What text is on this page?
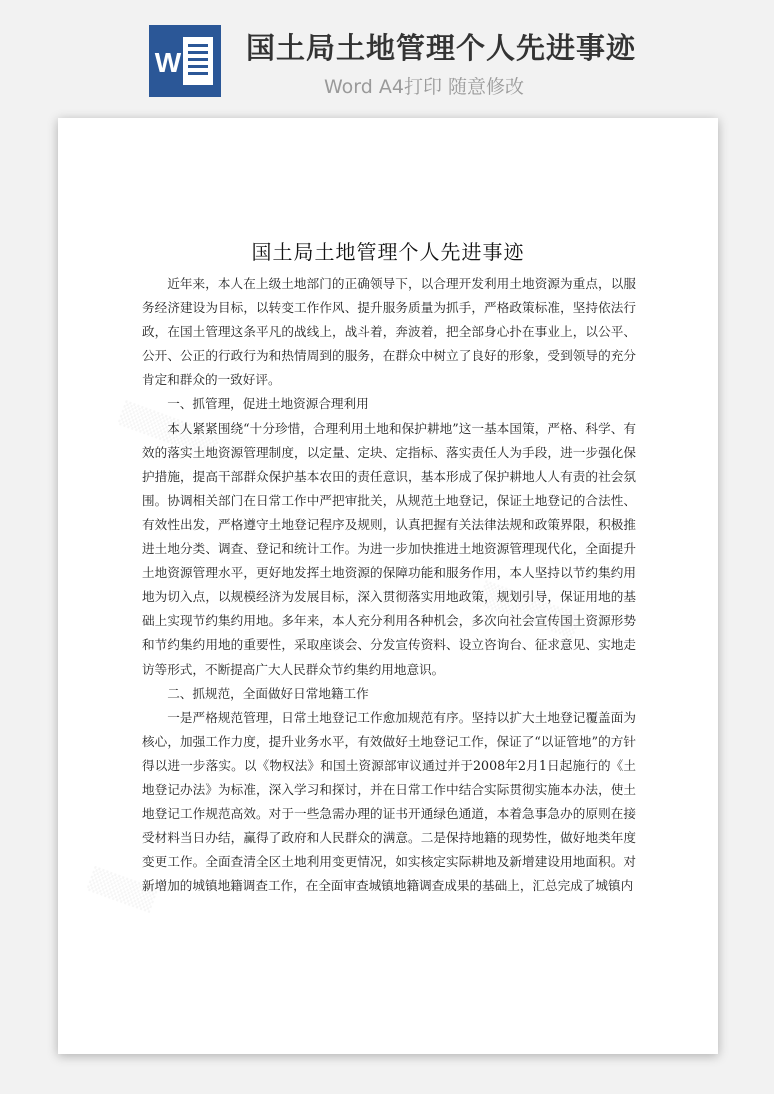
W 国土局土地管理个人先进事迹
Word A4打印 随意修改
国土局土地管理个人先进事迹

近年来，本人在上级土地部门的正确领导下，以合理开发利用土地资源为重点，以服务经济建设为目标，以转变工作作风、提升服务质量为抓手，严格政策标准，坚持依法行政，在国土管理这条平凡的战线上，战斗着，奔波着，把全部身心扑在事业上，以公平、公开、公正的行政行为和热情周到的服务，在群众中树立了良好的形象，受到领导的充分肯定和群众的一致好评。

一、抓管理，促进土地资源合理利用

本人紧紧围绕“十分珍惜，合理利用土地和保护耕地”这一基本国策，严格、科学、有效的落实土地资源管理制度，以定量、定块、定指标、落实责任人为手段，进一步强化保护措施，提高干部群众保护基本农田的责任意识，基本形成了保护耕地人人有责的社会氛围。协调相关部门在日常工作中严把审批关，从规范土地登记，保证土地登记的合法性、有效性出发，严格遵守土地登记程序及规则，认真把握有关法律法规和政策界限，积极推进土地分类、调查、登记和统计工作。为进一步加快推进土地资源管理现代化，全面提升土地资源管理水平，更好地发挥土地资源的保障功能和服务作用，本人坚持以节约集约用地为切入点，以规模经济为发展目标，深入贯彻落实用地政策，规划引导，保证用地的基础上实现节约集约用地。多年来，本人充分利用各种机会，多次向社会宣传国土资源形势和节约集约用地的重要性，采取座谈会、分发宣传资料、设立咨询台、征求意见、实地走访等形式，不断提高广大人民群众节约集约用地意识。

二、抓规范，全面做好日常地籍工作

一是严格规范管理，日常土地登记工作愈加规范有序。坚持以扩大土地登记覆盖面为核心，加强工作力度，提升业务水平，有效做好土地登记工作，保证了“以证管地”的方针得以进一步落实。以《物权法》和国土资源部审议通过并于2008年2月1日起施行的《土地登记办法》为标准，深入学习和探讨，并在日常工作中结合实际贯彻实施本办法，使土地登记工作规范高效。对于一些急需办理的证书开通绿色通道，本着急事急办的原则在接受材料当日办结，赢得了政府和人民群众的满意。二是保持地籍的现势性，做好地类年度变更工作。全面查清全区土地利用变更情况，如实核定实际耕地及新增建设用地面积。对新增加的城镇地籍调查工作，在全面审查城镇地籍调查成果的基础上，汇总完成了城镇内
